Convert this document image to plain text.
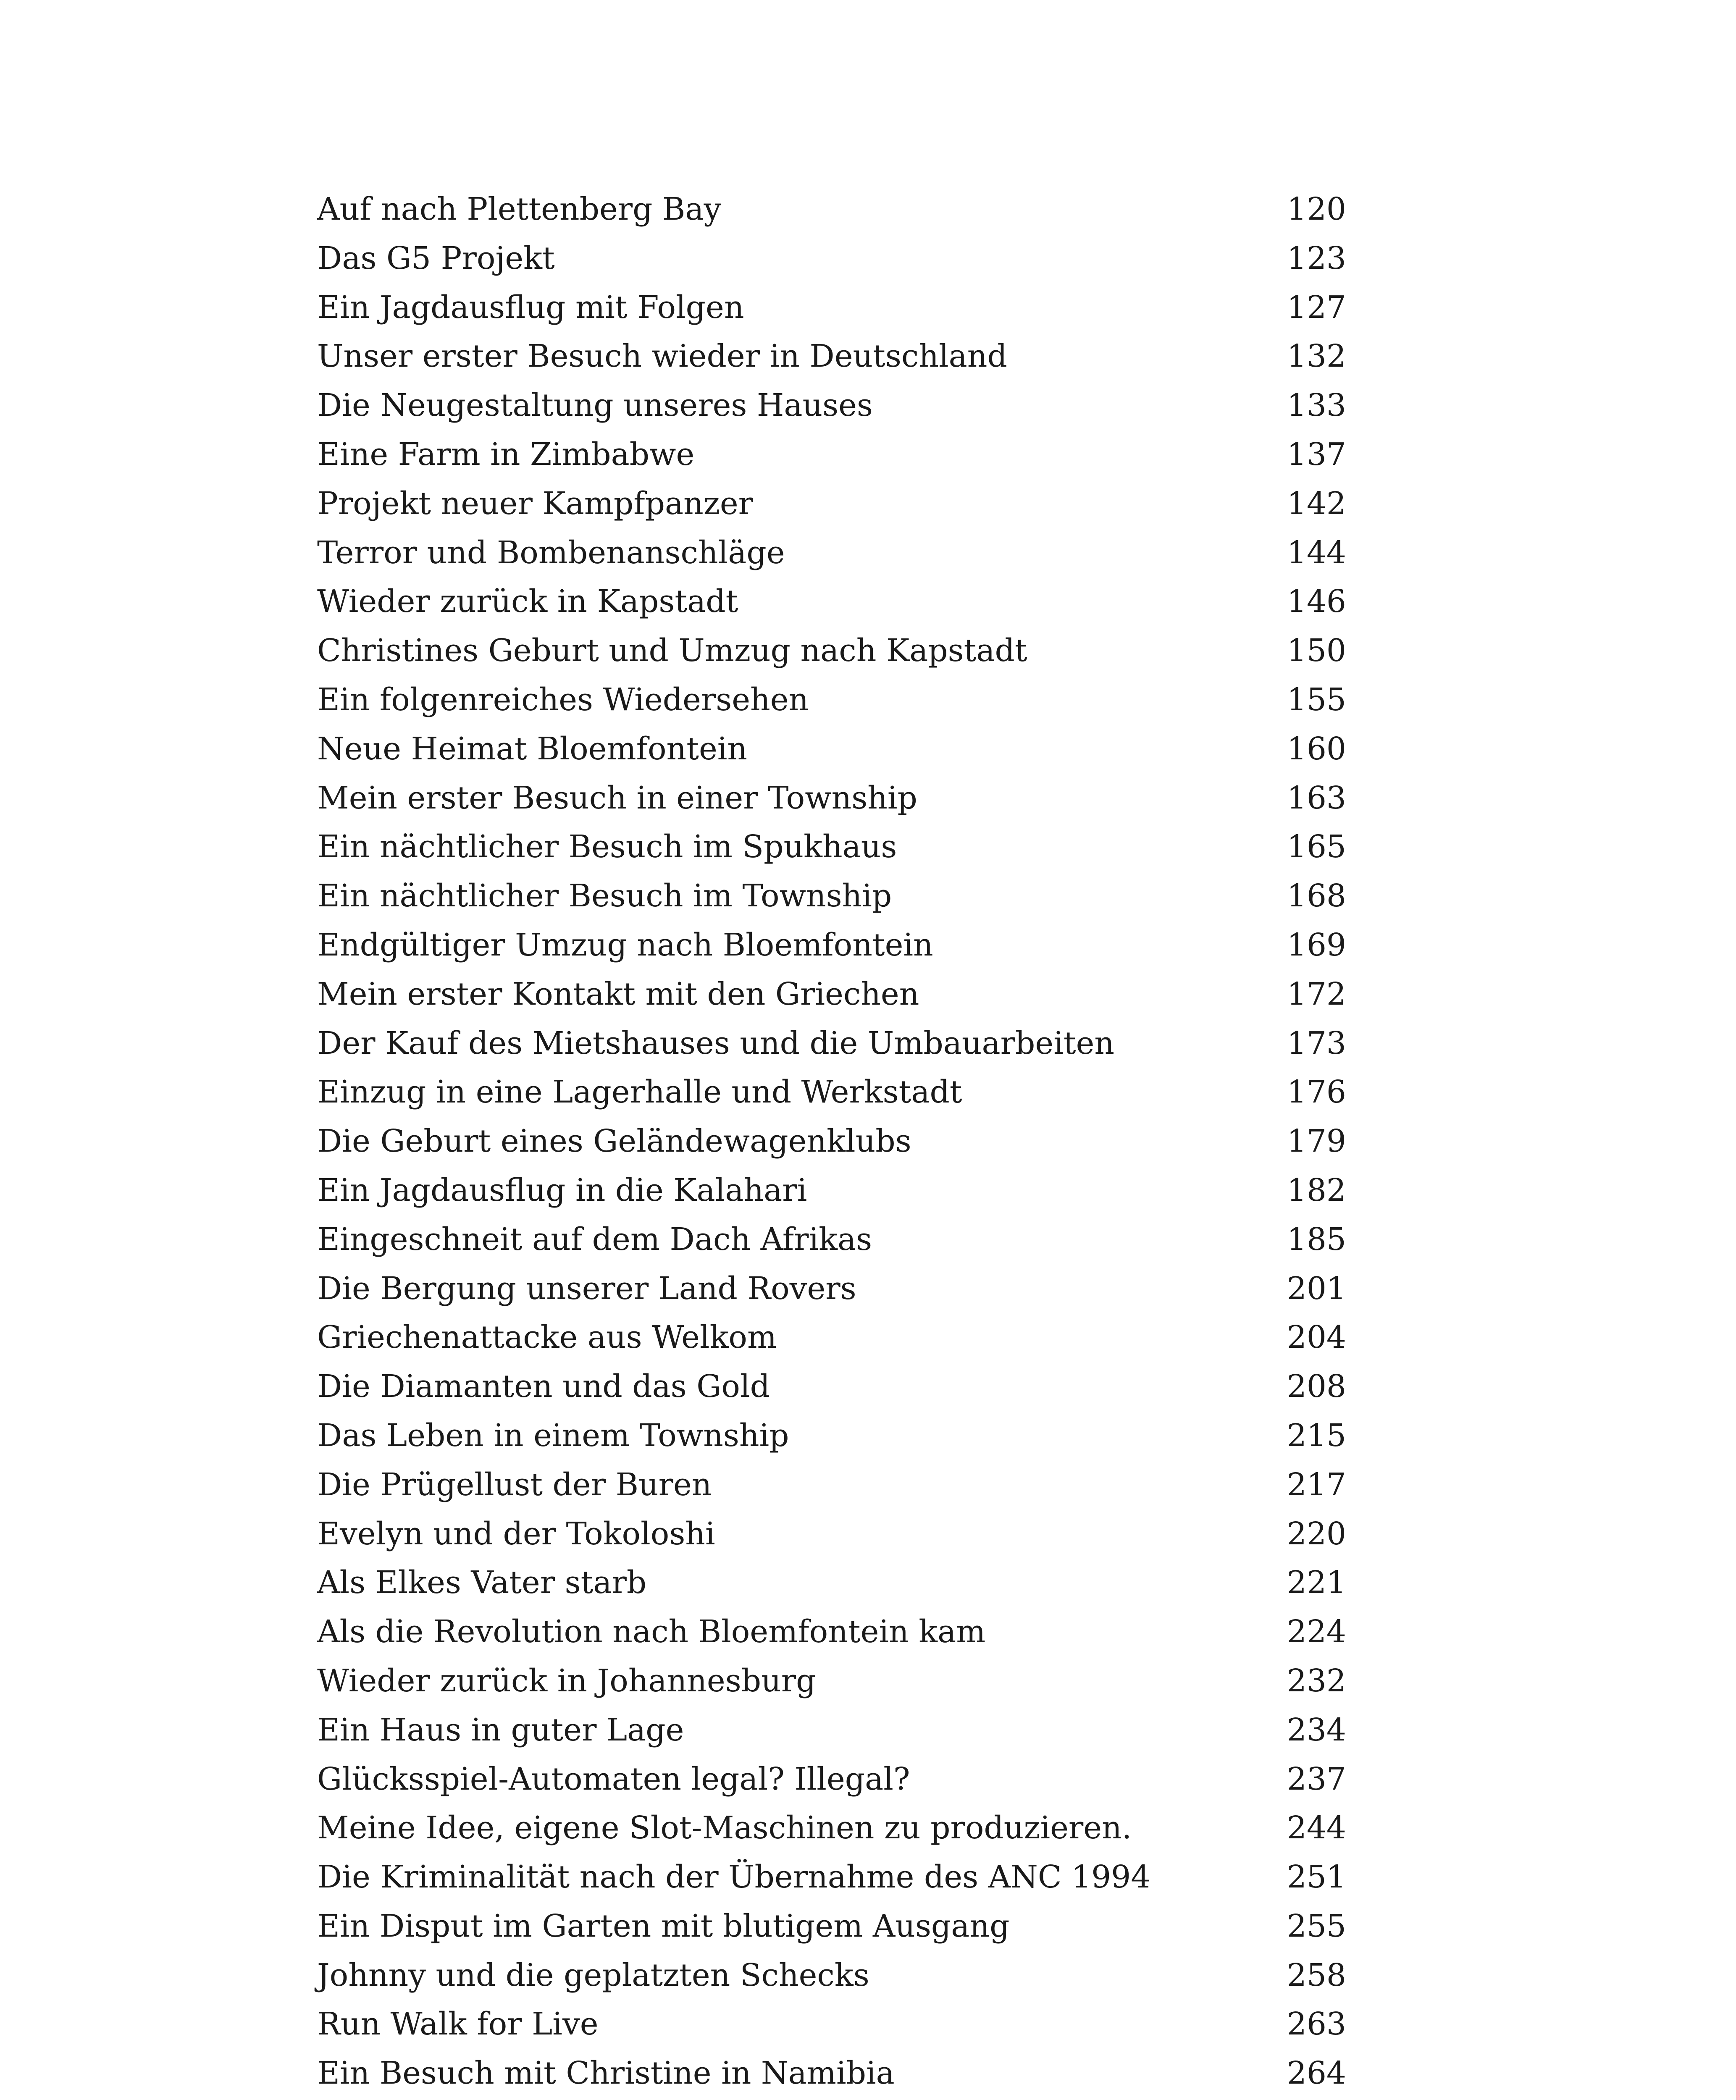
Auf nach Plettenberg Bay	120
Das G5 Projekt	123
Ein Jagdausflug mit Folgen	127
Unser erster Besuch wieder in Deutschland	132
Die Neugestaltung unseres Hauses	133
Eine Farm in Zimbabwe	137
Projekt neuer Kampfpanzer	142
Terror und Bombenanschläge	144
Wieder zurück in Kapstadt	146
Christines Geburt und Umzug nach Kapstadt	150
Ein folgenreiches Wiedersehen	155
Neue Heimat Bloemfontein	160
Mein erster Besuch in einer Township	163
Ein nächtlicher Besuch im Spukhaus	165
Ein nächtlicher Besuch im Township	168
Endgültiger Umzug nach Bloemfontein	169
Mein erster Kontakt mit den Griechen	172
Der Kauf des Mietshauses und die Umbauarbeiten	173
Einzug in eine Lagerhalle und Werkstadt	176
Die Geburt eines Geländewagenklubs	179
Ein Jagdausflug in die Kalahari	182
Eingeschneit auf dem Dach Afrikas	185
Die Bergung unserer Land Rovers	201
Griechenattacke aus Welkom	204
Die Diamanten und das Gold	208
Das Leben in einem Township	215
Die Prügellust der Buren	217
Evelyn und der Tokoloshi	220
Als Elkes Vater starb	221
Als die Revolution nach Bloemfontein kam	224
Wieder zurück in Johannesburg	232
Ein Haus in guter Lage	234
Glücksspiel-Automaten legal? Illegal?	237
Meine Idee, eigene Slot-Maschinen zu produzieren.	244
Die Kriminalität nach der Übernahme des ANC 1994	251
Ein Disput im Garten mit blutigem Ausgang	255
Johnny und die geplatzten Schecks	258
Run Walk for Live	263
Ein Besuch mit Christine in Namibia	264
